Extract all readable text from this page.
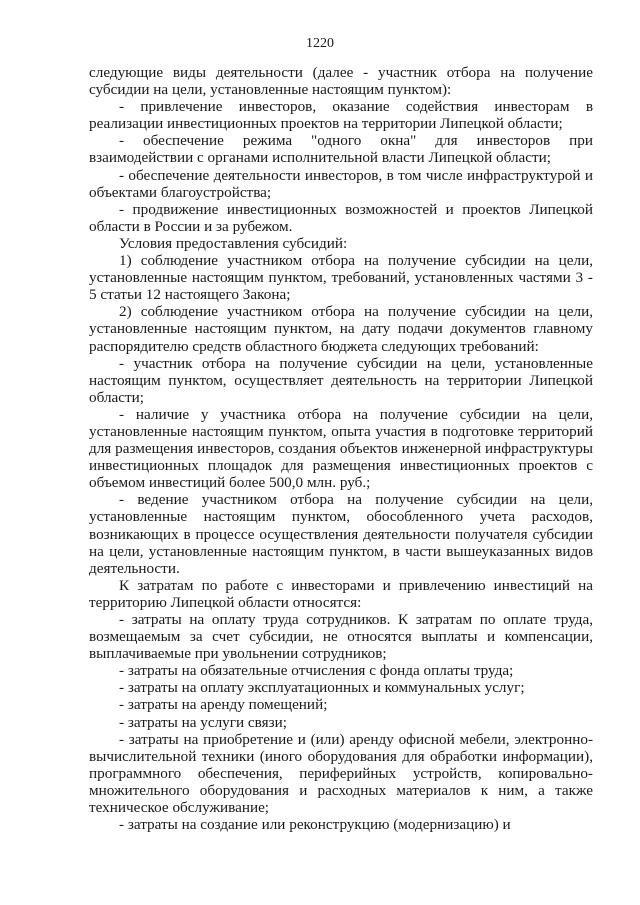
1220

следующие виды деятельности (далее - участник отбора на получение субсидии на цели, установленные настоящим пунктом):

- привлечение инвесторов, оказание содействия инвесторам в реализации инвестиционных проектов на территории Липецкой области;

- обеспечение режима "одного окна" для инвесторов при взаимодействии с органами исполнительной власти Липецкой области;

- обеспечение деятельности инвесторов, в том числе инфраструктурой и объектами благоустройства;

- продвижение инвестиционных возможностей и проектов Липецкой области в России и за рубежом.

Условия предоставления субсидий:

1) соблюдение участником отбора на получение субсидии на цели, установленные настоящим пунктом, требований, установленных частями 3 - 5 статьи 12 настоящего Закона;

2) соблюдение участником отбора на получение субсидии на цели, установленные настоящим пунктом, на дату подачи документов главному распорядителю средств областного бюджета следующих требований:

- участник отбора на получение субсидии на цели, установленные настоящим пунктом, осуществляет деятельность на территории Липецкой области;

- наличие у участника отбора на получение субсидии на цели, установленные настоящим пунктом, опыта участия в подготовке территорий для размещения инвесторов, создания объектов инженерной инфраструктуры инвестиционных площадок для размещения инвестиционных проектов с объемом инвестиций более 500,0 млн. руб.;

- ведение участником отбора на получение субсидии на цели, установленные настоящим пунктом, обособленного учета расходов, возникающих в процессе осуществления деятельности получателя субсидии на цели, установленные настоящим пунктом, в части вышеуказанных видов деятельности.

К затратам по работе с инвесторами и привлечению инвестиций на территорию Липецкой области относятся:

- затраты на оплату труда сотрудников. К затратам по оплате труда, возмещаемым за счет субсидии, не относятся выплаты и компенсации, выплачиваемые при увольнении сотрудников;

- затраты на обязательные отчисления с фонда оплаты труда;

- затраты на оплату эксплуатационных и коммунальных услуг;

- затраты на аренду помещений;

- затраты на услуги связи;

- затраты на приобретение и (или) аренду офисной мебели, электронно-вычислительной техники (иного оборудования для обработки информации), программного обеспечения, периферийных устройств, копировально-множительного оборудования и расходных материалов к ним, а также техническое обслуживание;

- затраты на создание или реконструкцию (модернизацию) и
